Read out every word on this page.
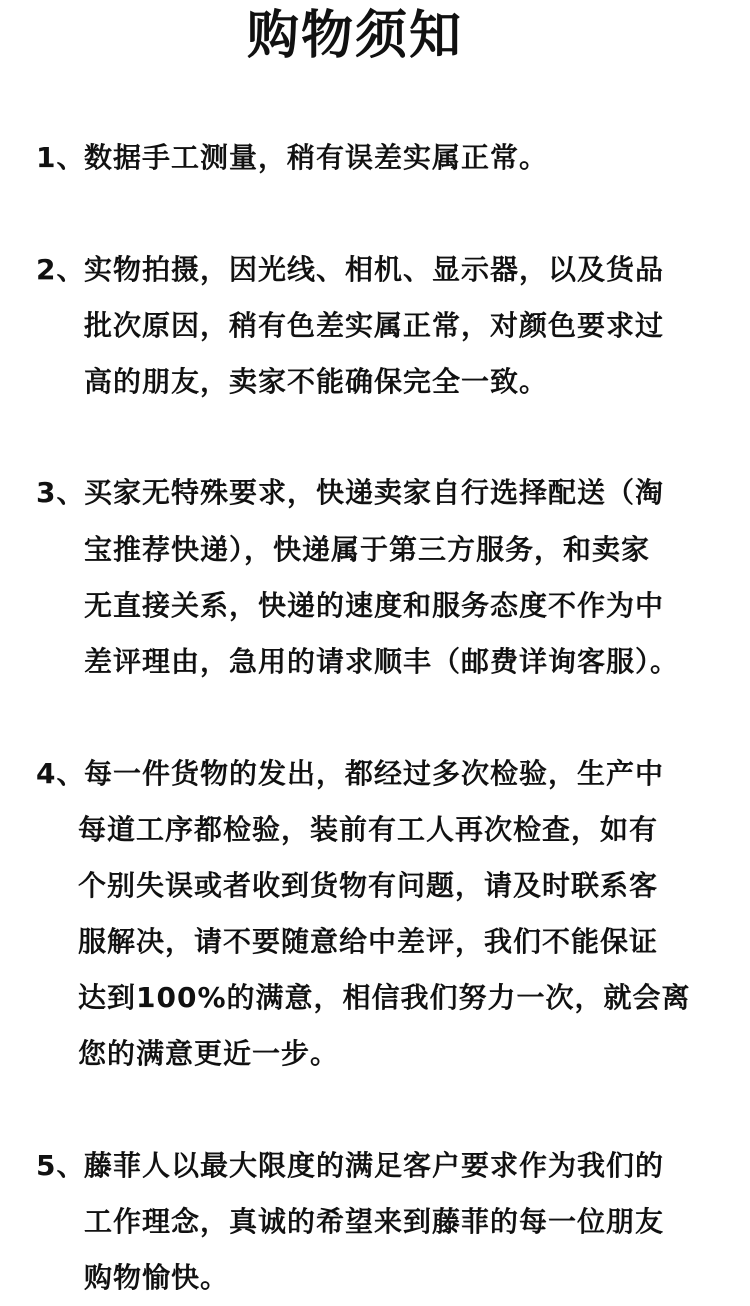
购物须知
1、
数据手工测量，稍有误差实属正常。
2、
实物拍摄，因光线、相机、显示器，以及货品
批次原因，稍有色差实属正常，对颜色要求过
高的朋友，卖家不能确保完全一致。
3、
买家无特殊要求，快递卖家自行选择配送（淘
宝推荐快递），快递属于第三方服务，和卖家
无直接关系，快递的速度和服务态度不作为中
差评理由，急用的请求顺丰（邮费详询客服）。
4、
每一件货物的发出，都经过多次检验，生产中
每道工序都检验，装前有工人再次检查，如有
个别失误或者收到货物有问题，请及时联系客
服解决，请不要随意给中差评，我们不能保证
达到100%的满意，相信我们努力一次，就会离
您的满意更近一步。
5、
藤菲人以最大限度的满足客户要求作为我们的
工作理念，真诚的希望来到藤菲的每一位朋友
购物愉快。
